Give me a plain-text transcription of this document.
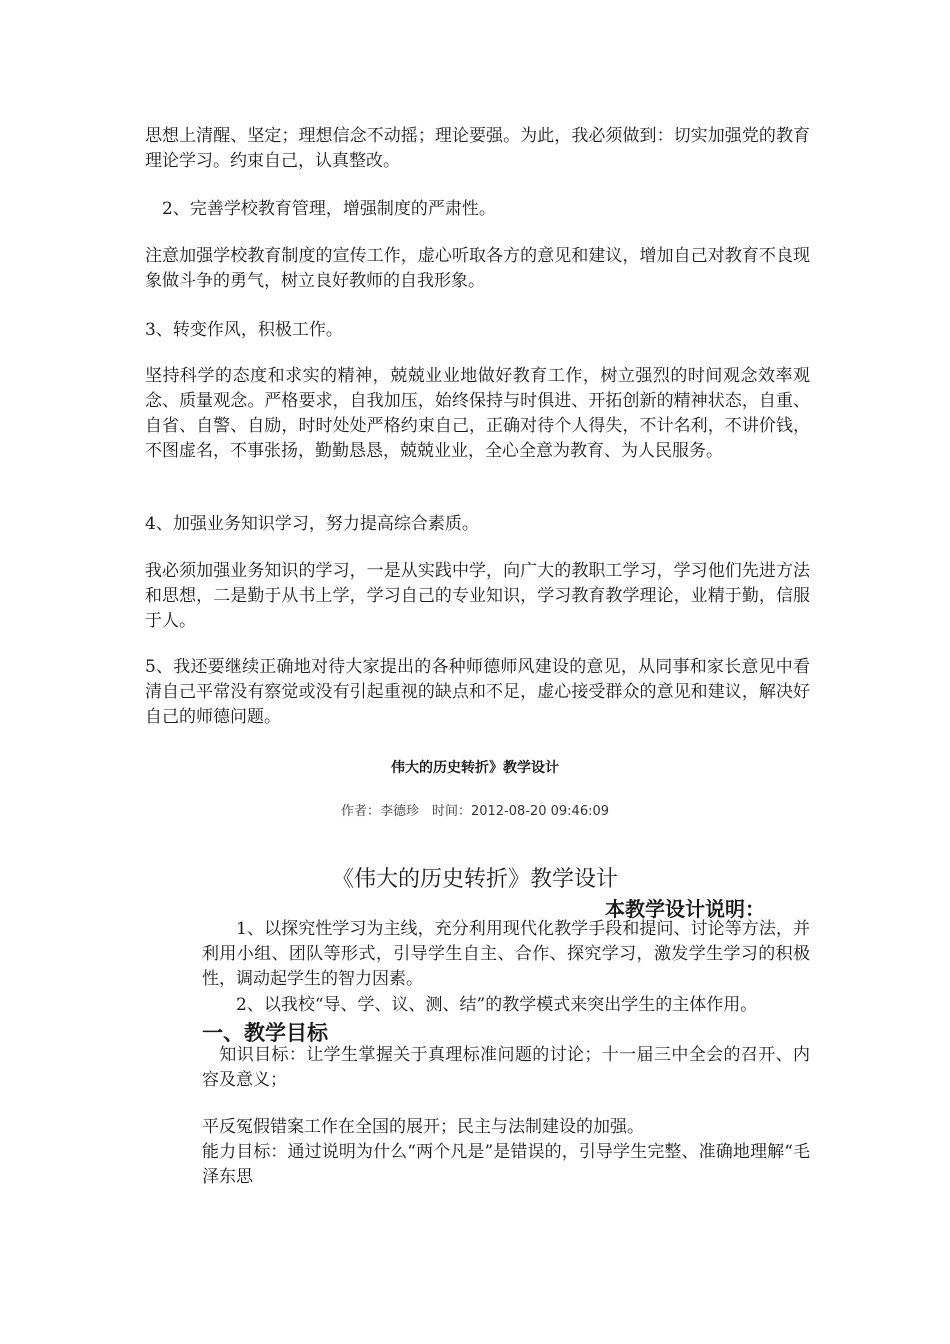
思想上清醒、坚定；理想信念不动摇；理论要强。为此，我必须做到：切实加强党的教育理论学习。约束自己，认真整改。

　2、完善学校教育管理，增强制度的严肃性。

注意加强学校教育制度的宣传工作，虚心听取各方的意见和建议，增加自己对教育不良现象做斗争的勇气，树立良好教师的自我形象。

3、转变作风，积极工作。

坚持科学的态度和求实的精神，兢兢业业地做好教育工作，树立强烈的时间观念效率观念、质量观念。严格要求，自我加压，始终保持与时俱进、开拓创新的精神状态，自重、自省、自警、自励，时时处处严格约束自己，正确对待个人得失，不计名利，不讲价钱，不图虚名，不事张扬，勤勤恳恳，兢兢业业，全心全意为教育、为人民服务。

4、加强业务知识学习，努力提高综合素质。

我必须加强业务知识的学习，一是从实践中学，向广大的教职工学习，学习他们先进方法和思想，二是勤于从书上学，学习自己的专业知识，学习教育教学理论，业精于勤，信服于人。

5、我还要继续正确地对待大家提出的各种师德师风建设的意见，从同事和家长意见中看清自己平常没有察觉或没有引起重视的缺点和不足，虚心接受群众的意见和建议，解决好自己的师德问题。

伟大的历史转折》教学设计
作者：李德珍　时间：2012-08-20 09:46:09
《伟大的历史转折》教学设计
本教学设计说明：

　　1、以探究性学习为主线，充分利用现代化教学手段和提问、讨论等方法，并利用小组、团队等形式，引导学生自主、合作、探究学习，激发学生学习的积极性，调动起学生的智力因素。

　　2、以我校“导、学、议、测、结”的教学模式来突出学生的主体作用。

一、教学目标

　知识目标：让学生掌握关于真理标准问题的讨论；十一届三中全会的召开、内容及意义；

平反冤假错案工作在全国的展开；民主与法制建设的加强。

能力目标：通过说明为什么“两个凡是”是错误的，引导学生完整、准确地理解“毛泽东思
